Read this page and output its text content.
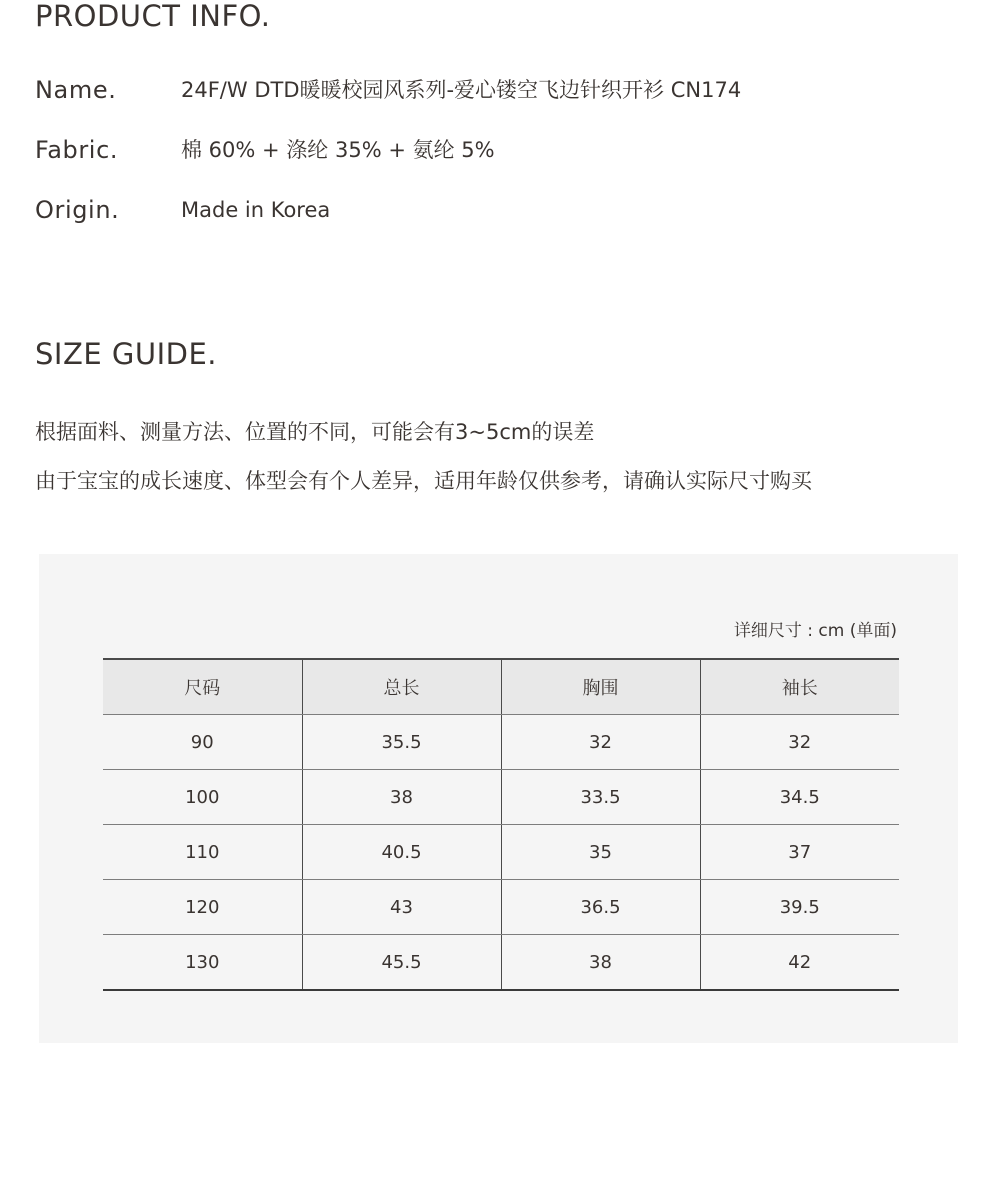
PRODUCT INFO.
Name.	24F/W DTD暖暖校园风系列-爱心镂空飞边针织开衫 CN174
Fabric.	棉 60% + 涤纶 35% + 氨纶 5%
Origin.	Made in Korea
SIZE GUIDE.

根据面料、测量方法、位置的不同，可能会有3~5cm的误差

由于宝宝的成长速度、体型会有个人差异，适用年龄仅供参考，请确认实际尺寸购买

详细尺寸 : cm (单面)
尺码	总长	胸围	袖长
90	35.5	32	32
100	38	33.5	34.5
110	40.5	35	37
120	43	36.5	39.5
130	45.5	38	42
